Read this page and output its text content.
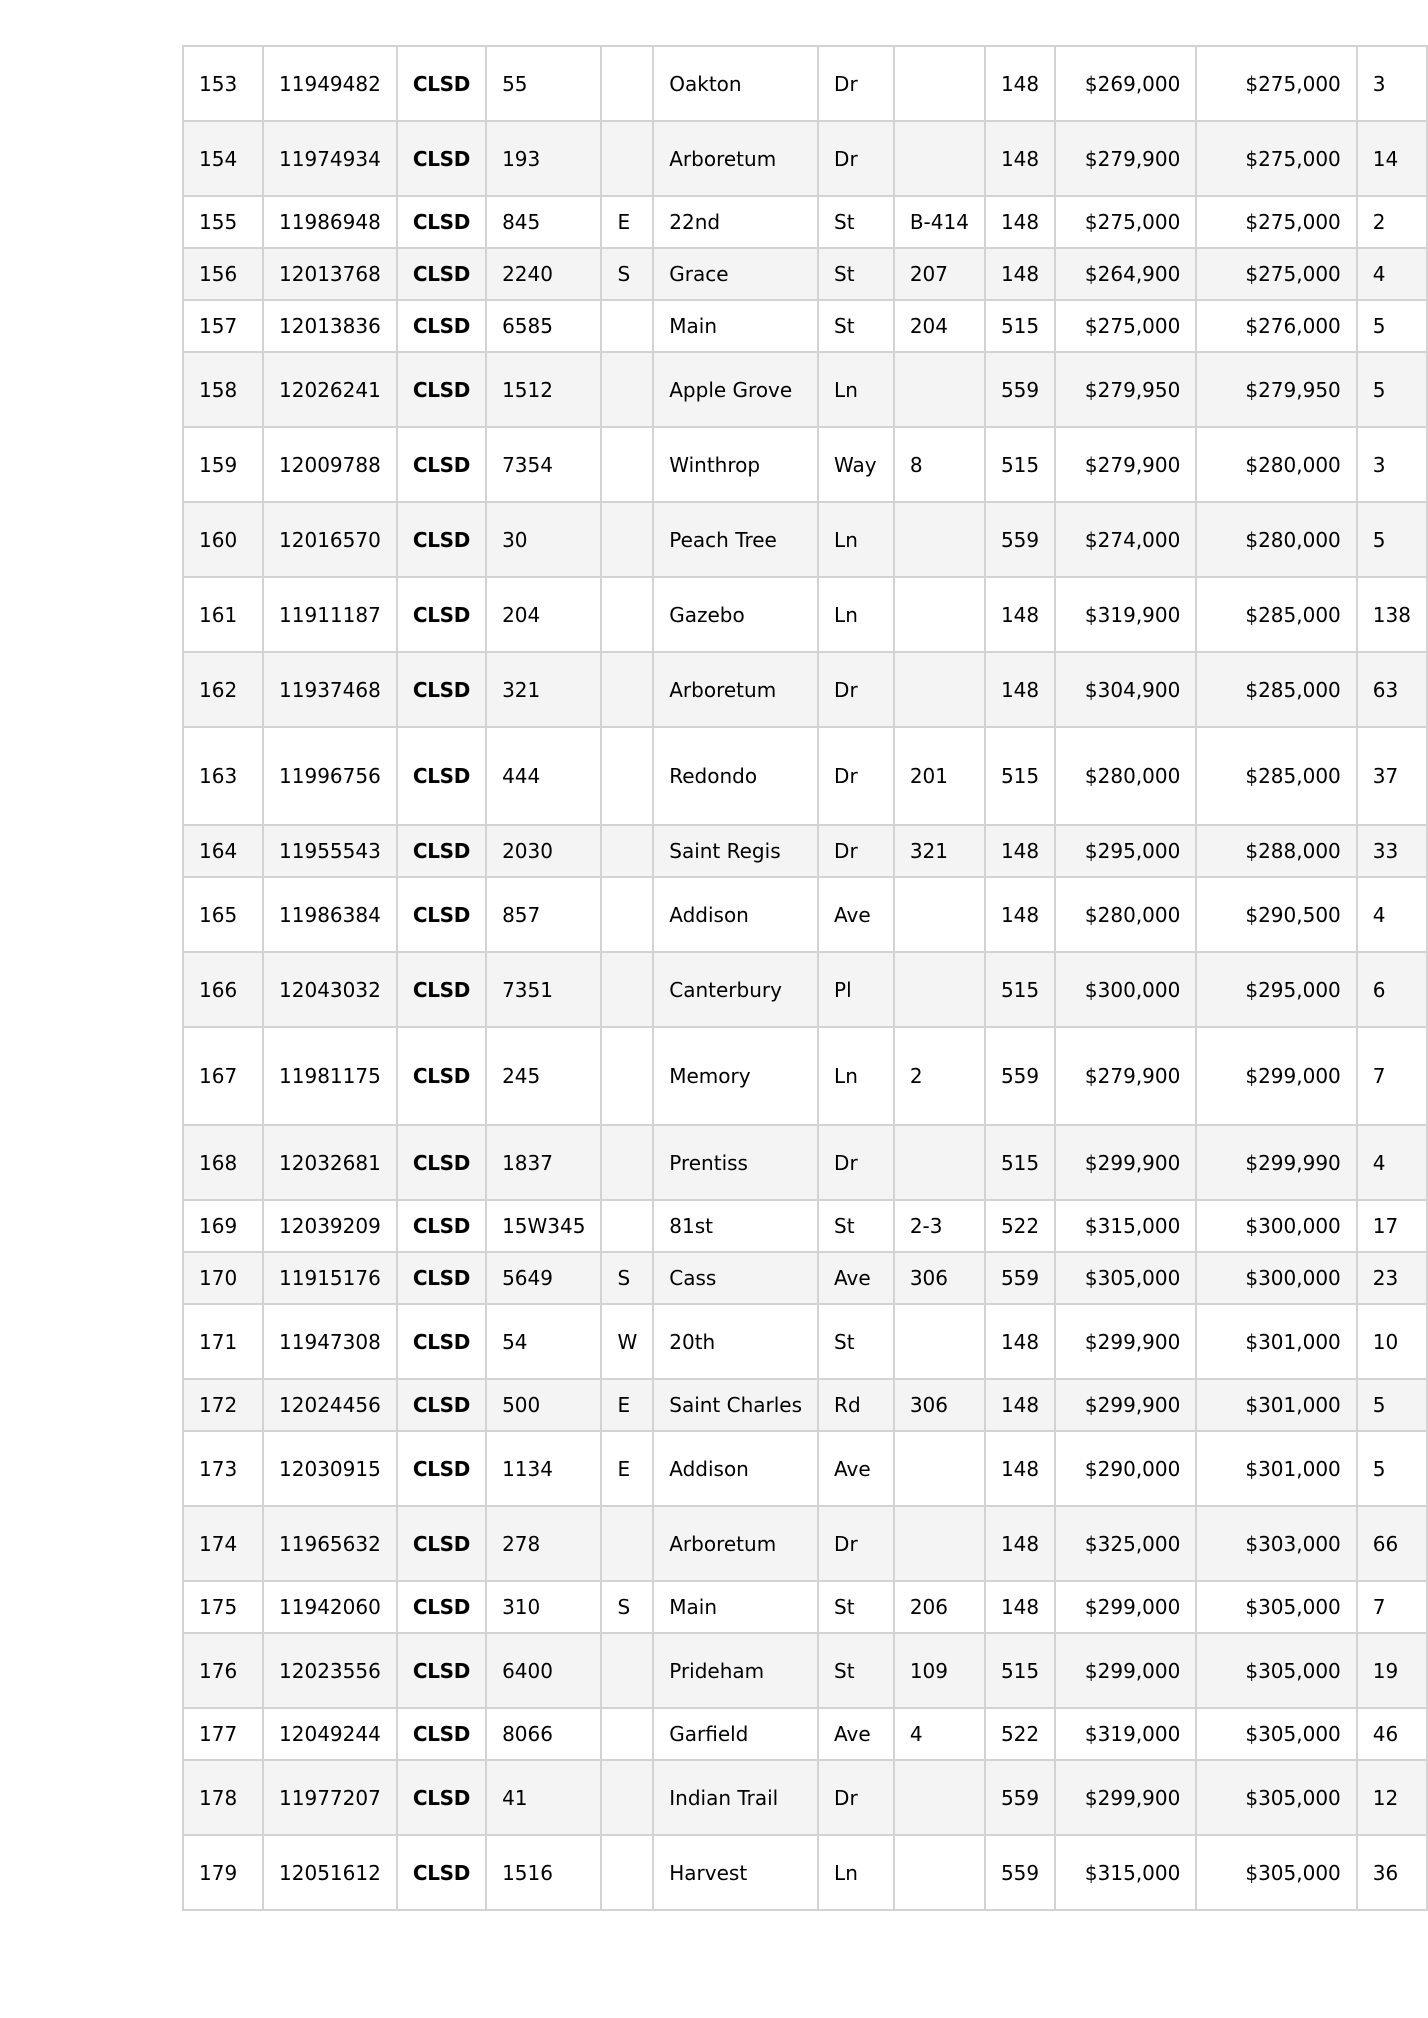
153	11949482	CLSD	55		Oakton	Dr		148	$269,000	$275,000	3
154	11974934	CLSD	193		Arboretum	Dr		148	$279,900	$275,000	14
155	11986948	CLSD	845	E	22nd	St	B-414	148	$275,000	$275,000	2
156	12013768	CLSD	2240	S	Grace	St	207	148	$264,900	$275,000	4
157	12013836	CLSD	6585		Main	St	204	515	$275,000	$276,000	5
158	12026241	CLSD	1512		Apple Grove	Ln		559	$279,950	$279,950	5
159	12009788	CLSD	7354		Winthrop	Way	8	515	$279,900	$280,000	3
160	12016570	CLSD	30		Peach Tree	Ln		559	$274,000	$280,000	5
161	11911187	CLSD	204		Gazebo	Ln		148	$319,900	$285,000	138
162	11937468	CLSD	321		Arboretum	Dr		148	$304,900	$285,000	63
163	11996756	CLSD	444		Redondo	Dr	201	515	$280,000	$285,000	37
164	11955543	CLSD	2030		Saint Regis	Dr	321	148	$295,000	$288,000	33
165	11986384	CLSD	857		Addison	Ave		148	$280,000	$290,500	4
166	12043032	CLSD	7351		Canterbury	Pl		515	$300,000	$295,000	6
167	11981175	CLSD	245		Memory	Ln	2	559	$279,900	$299,000	7
168	12032681	CLSD	1837		Prentiss	Dr		515	$299,900	$299,990	4
169	12039209	CLSD	15W345		81st	St	2-3	522	$315,000	$300,000	17
170	11915176	CLSD	5649	S	Cass	Ave	306	559	$305,000	$300,000	23
171	11947308	CLSD	54	W	20th	St		148	$299,900	$301,000	10
172	12024456	CLSD	500	E	Saint Charles	Rd	306	148	$299,900	$301,000	5
173	12030915	CLSD	1134	E	Addison	Ave		148	$290,000	$301,000	5
174	11965632	CLSD	278		Arboretum	Dr		148	$325,000	$303,000	66
175	11942060	CLSD	310	S	Main	St	206	148	$299,000	$305,000	7
176	12023556	CLSD	6400		Prideham	St	109	515	$299,000	$305,000	19
177	12049244	CLSD	8066		Garfield	Ave	4	522	$319,000	$305,000	46
178	11977207	CLSD	41		Indian Trail	Dr		559	$299,900	$305,000	12
179	12051612	CLSD	1516		Harvest	Ln		559	$315,000	$305,000	36
